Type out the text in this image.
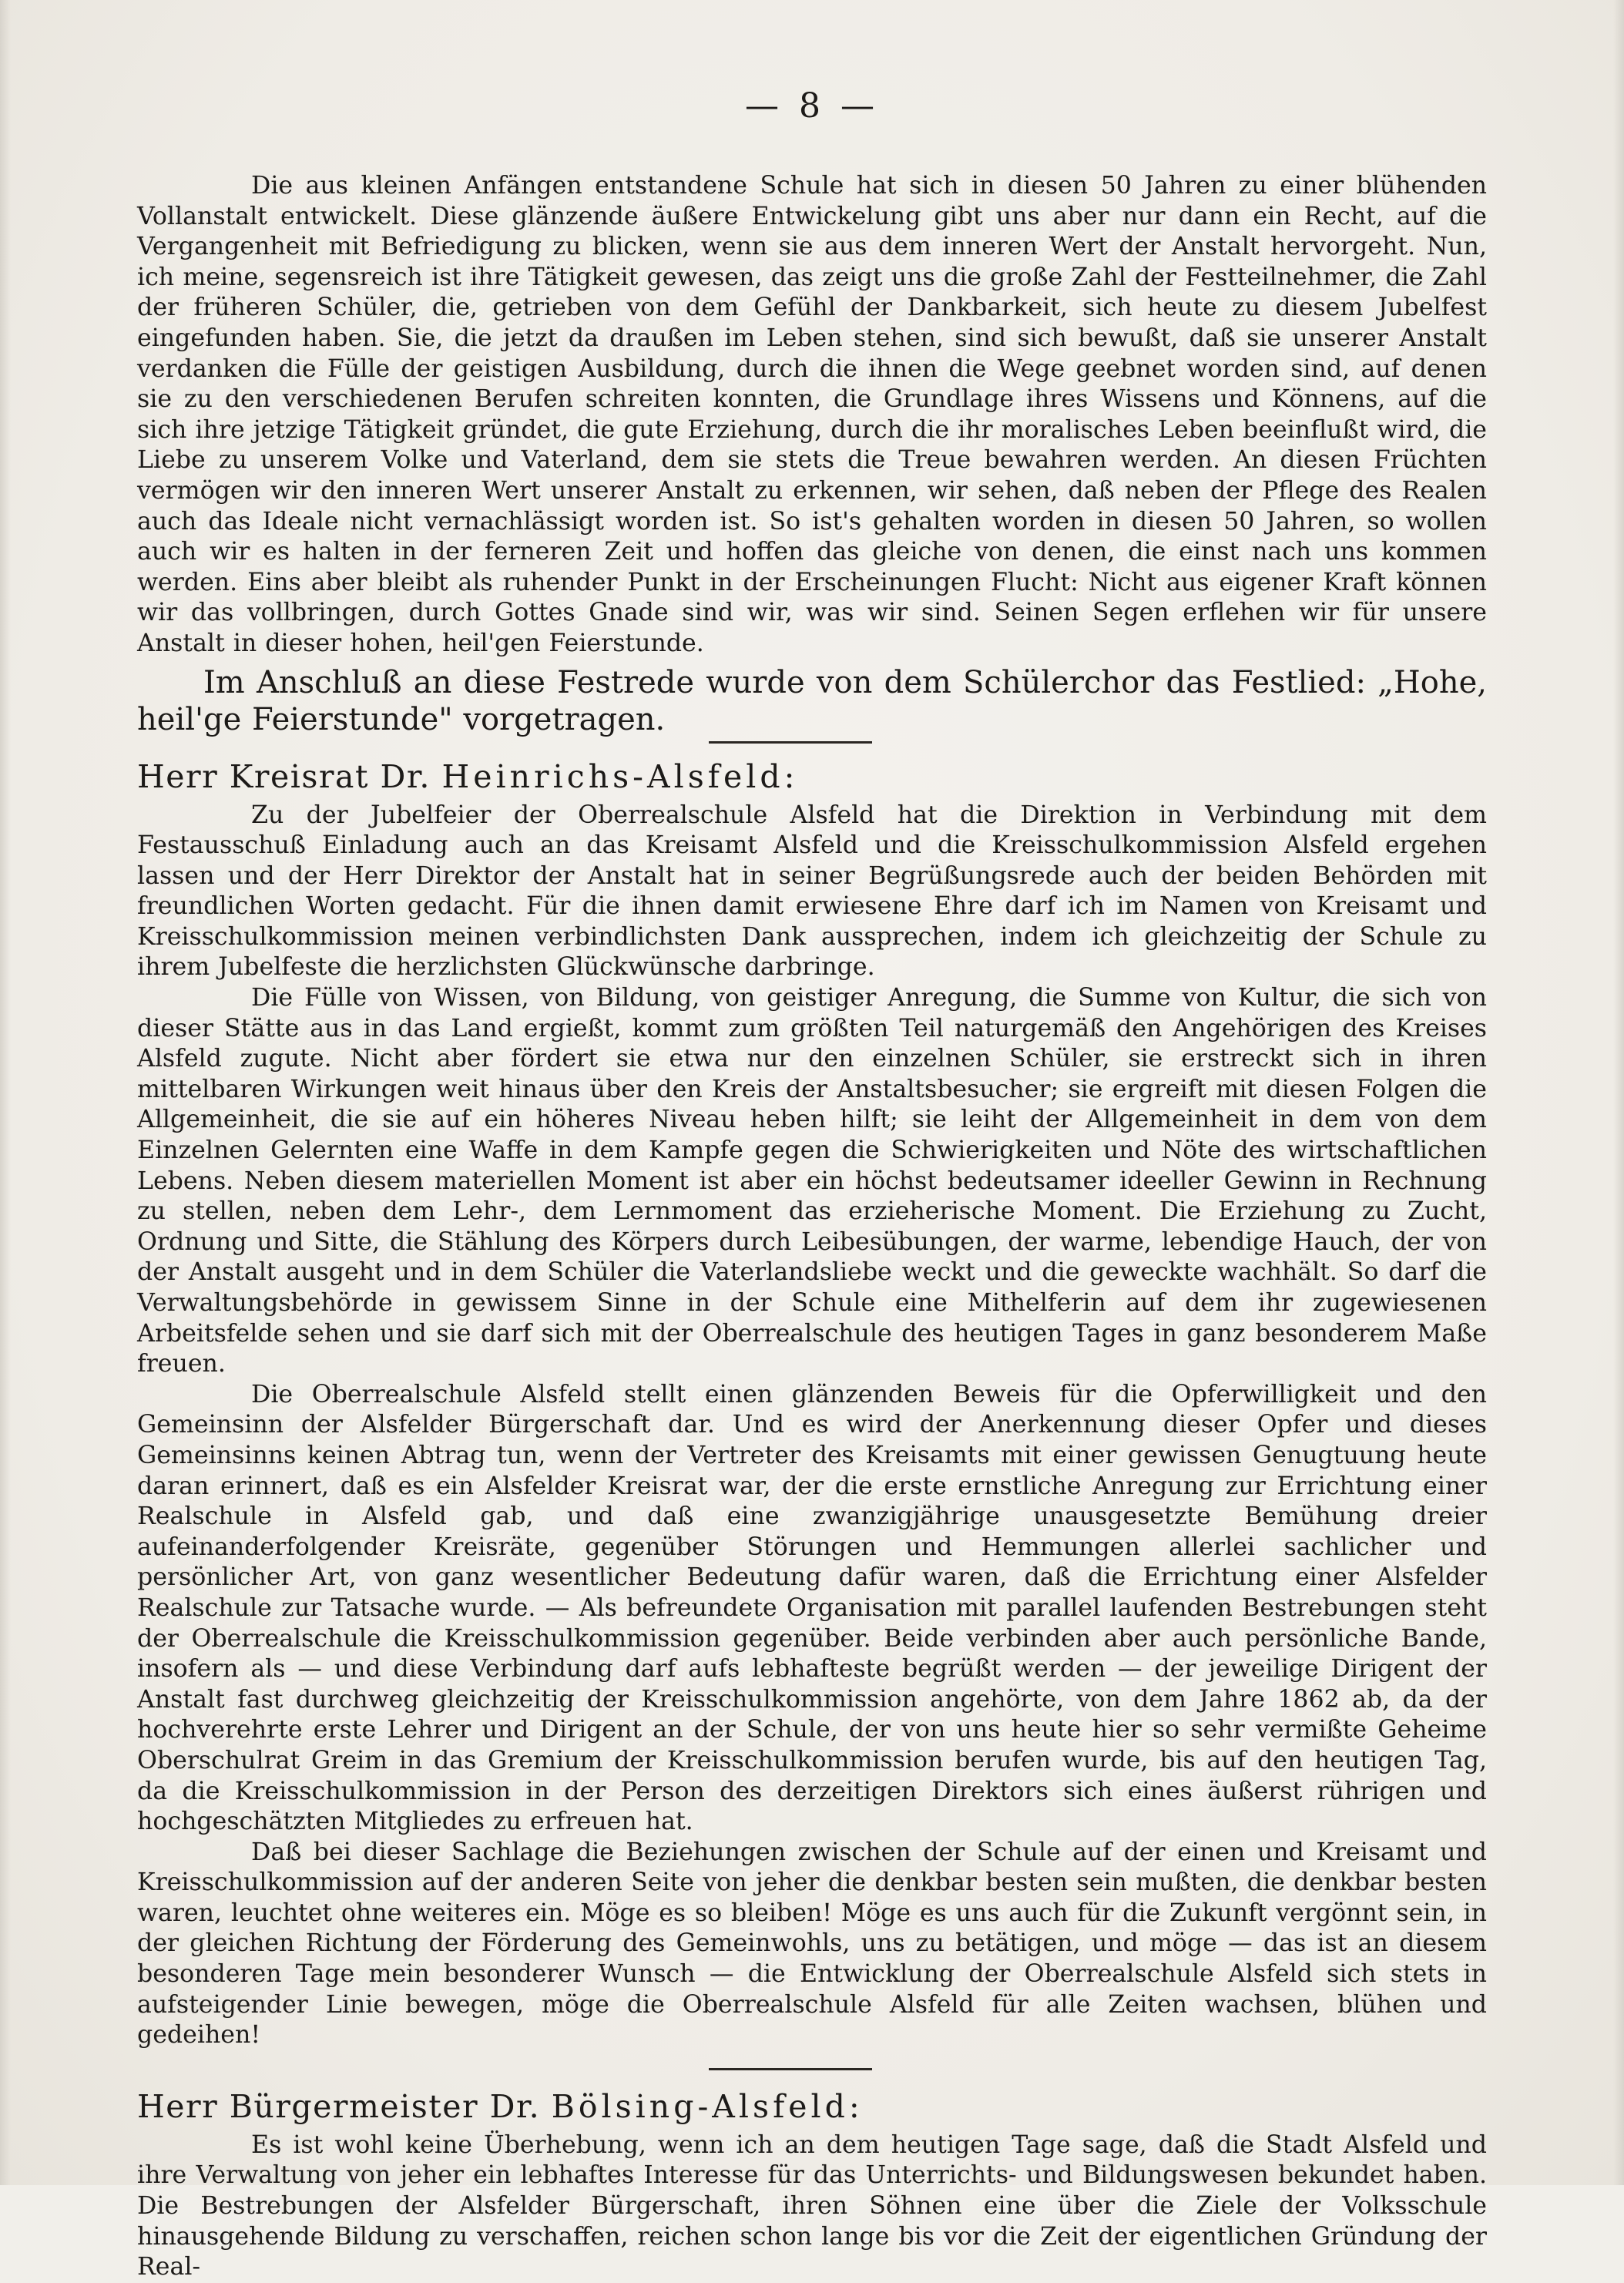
— 8 —

Die aus kleinen Anfängen entstandene Schule hat sich in diesen 50 Jahren zu einer blühenden Vollanstalt entwickelt. Diese glänzende äußere Entwickelung gibt uns aber nur dann ein Recht, auf die Vergangenheit mit Befriedigung zu blicken, wenn sie aus dem inneren Wert der Anstalt hervorgeht. Nun, ich meine, segensreich ist ihre Tätigkeit gewesen, das zeigt uns die große Zahl der Festteilnehmer, die Zahl der früheren Schüler, die, getrieben von dem Gefühl der Dankbarkeit, sich heute zu diesem Jubelfest eingefunden haben. Sie, die jetzt da draußen im Leben stehen, sind sich bewußt, daß sie unserer Anstalt verdanken die Fülle der geistigen Ausbildung, durch die ihnen die Wege geebnet worden sind, auf denen sie zu den verschiedenen Berufen schreiten konnten, die Grundlage ihres Wissens und Könnens, auf die sich ihre jetzige Tätigkeit gründet, die gute Erziehung, durch die ihr moralisches Leben beeinflußt wird, die Liebe zu unserem Volke und Vaterland, dem sie stets die Treue bewahren werden. An diesen Früchten vermögen wir den inneren Wert unserer Anstalt zu erkennen, wir sehen, daß neben der Pflege des Realen auch das Ideale nicht vernachlässigt worden ist. So ist's gehalten worden in diesen 50 Jahren, so wollen auch wir es halten in der ferneren Zeit und hoffen das gleiche von denen, die einst nach uns kommen werden. Eins aber bleibt als ruhender Punkt in der Erscheinungen Flucht: Nicht aus eigener Kraft können wir das vollbringen, durch Gottes Gnade sind wir, was wir sind. Seinen Segen erflehen wir für unsere Anstalt in dieser hohen, heil'gen Feierstunde.

Im Anschluß an diese Festrede wurde von dem Schülerchor das Festlied: „Hohe, heil'ge Feierstunde" vorgetragen.

Herr Kreisrat Dr. Heinrichs-Alsfeld:

Zu der Jubelfeier der Oberrealschule Alsfeld hat die Direktion in Verbindung mit dem Festausschuß Einladung auch an das Kreisamt Alsfeld und die Kreisschulkommission Alsfeld ergehen lassen und der Herr Direktor der Anstalt hat in seiner Begrüßungsrede auch der beiden Behörden mit freundlichen Worten gedacht. Für die ihnen damit erwiesene Ehre darf ich im Namen von Kreisamt und Kreisschulkommission meinen verbindlichsten Dank aussprechen, indem ich gleichzeitig der Schule zu ihrem Jubelfeste die herzlichsten Glückwünsche darbringe.

Die Fülle von Wissen, von Bildung, von geistiger Anregung, die Summe von Kultur, die sich von dieser Stätte aus in das Land ergießt, kommt zum größten Teil naturgemäß den Angehörigen des Kreises Alsfeld zugute. Nicht aber fördert sie etwa nur den einzelnen Schüler, sie erstreckt sich in ihren mittelbaren Wirkungen weit hinaus über den Kreis der Anstaltsbesucher; sie ergreift mit diesen Folgen die Allgemeinheit, die sie auf ein höheres Niveau heben hilft; sie leiht der Allgemeinheit in dem von dem Einzelnen Gelernten eine Waffe in dem Kampfe gegen die Schwierigkeiten und Nöte des wirtschaftlichen Lebens. Neben diesem materiellen Moment ist aber ein höchst bedeutsamer ideeller Gewinn in Rechnung zu stellen, neben dem Lehr-, dem Lernmoment das erzieherische Moment. Die Erziehung zu Zucht, Ordnung und Sitte, die Stählung des Körpers durch Leibesübungen, der warme, lebendige Hauch, der von der Anstalt ausgeht und in dem Schüler die Vaterlandsliebe weckt und die geweckte wachhält. So darf die Verwaltungsbehörde in gewissem Sinne in der Schule eine Mithelferin auf dem ihr zugewiesenen Arbeitsfelde sehen und sie darf sich mit der Oberrealschule des heutigen Tages in ganz besonderem Maße freuen.

Die Oberrealschule Alsfeld stellt einen glänzenden Beweis für die Opferwilligkeit und den Gemeinsinn der Alsfelder Bürgerschaft dar. Und es wird der Anerkennung dieser Opfer und dieses Gemeinsinns keinen Abtrag tun, wenn der Vertreter des Kreisamts mit einer gewissen Genugtuung heute daran erinnert, daß es ein Alsfelder Kreisrat war, der die erste ernstliche Anregung zur Errichtung einer Realschule in Alsfeld gab, und daß eine zwanzigjährige unausgesetzte Bemühung dreier aufeinanderfolgender Kreisräte, gegenüber Störungen und Hemmungen allerlei sachlicher und persönlicher Art, von ganz wesentlicher Bedeutung dafür waren, daß die Errichtung einer Alsfelder Realschule zur Tatsache wurde. — Als befreundete Organisation mit parallel laufenden Bestrebungen steht der Oberrealschule die Kreisschulkommission gegenüber. Beide verbinden aber auch persönliche Bande, insofern als — und diese Verbindung darf aufs lebhafteste begrüßt werden — der jeweilige Dirigent der Anstalt fast durchweg gleichzeitig der Kreisschulkommission angehörte, von dem Jahre 1862 ab, da der hochverehrte erste Lehrer und Dirigent an der Schule, der von uns heute hier so sehr vermißte Geheime Oberschulrat Greim in das Gremium der Kreisschulkommission berufen wurde, bis auf den heutigen Tag, da die Kreisschulkommission in der Person des derzeitigen Direktors sich eines äußerst rührigen und hochgeschätzten Mitgliedes zu erfreuen hat.

Daß bei dieser Sachlage die Beziehungen zwischen der Schule auf der einen und Kreisamt und Kreisschulkommission auf der anderen Seite von jeher die denkbar besten sein mußten, die denkbar besten waren, leuchtet ohne weiteres ein. Möge es so bleiben! Möge es uns auch für die Zukunft vergönnt sein, in der gleichen Richtung der Förderung des Gemeinwohls, uns zu betätigen, und möge — das ist an diesem besonderen Tage mein besonderer Wunsch — die Entwicklung der Oberrealschule Alsfeld sich stets in aufsteigender Linie bewegen, möge die Oberrealschule Alsfeld für alle Zeiten wachsen, blühen und gedeihen!

Herr Bürgermeister Dr. Bölsing-Alsfeld:

Es ist wohl keine Überhebung, wenn ich an dem heutigen Tage sage, daß die Stadt Alsfeld und ihre Verwaltung von jeher ein lebhaftes Interesse für das Unterrichts- und Bildungswesen bekundet haben. Die Bestrebungen der Alsfelder Bürgerschaft, ihren Söhnen eine über die Ziele der Volksschule hinausgehende Bildung zu verschaffen, reichen schon lange bis vor die Zeit der eigentlichen Gründung der Real-
